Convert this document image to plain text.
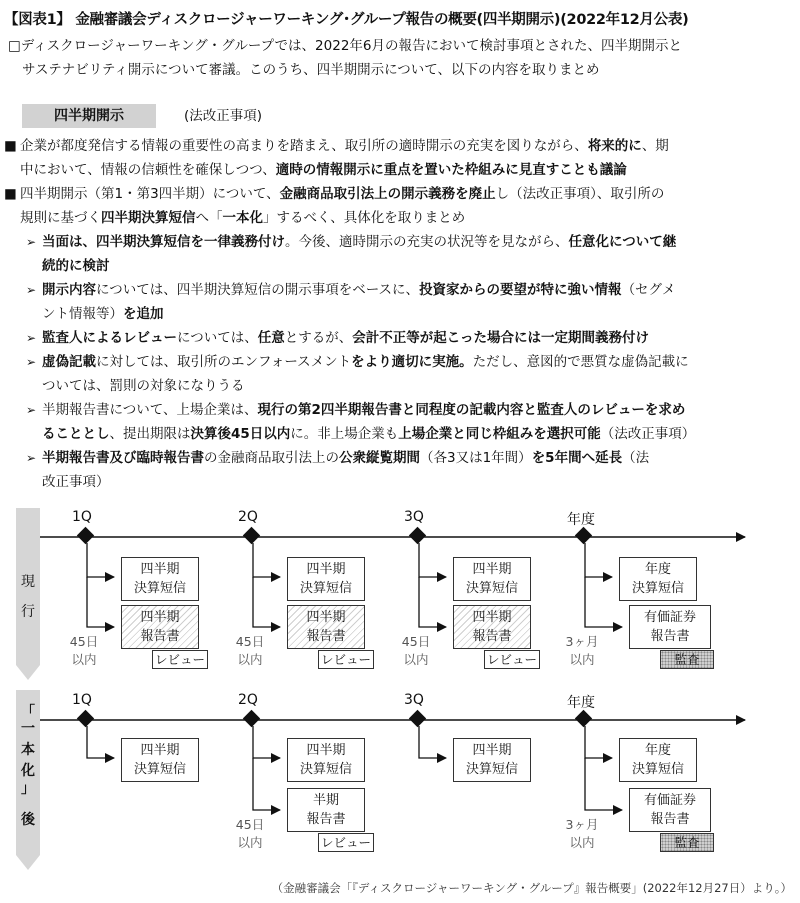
【図表1】 金融審議会ディスクロージャーワーキング･グループ報告の概要(四半期開示)(2022年12月公表)
□ディスクロージャーワーキング・グループでは、2022年6月の報告において検討事項とされた、四半期開示と
サステナビリティ開示について審議。このうち、四半期開示について、以下の内容を取りまとめ
四半期開示	(法改正事項)

■ 企業が都度発信する情報の重要性の高まりを踏まえ、取引所の適時開示の充実を図りながら、将来的に、期

中において、情報の信頼性を確保しつつ、適時の情報開示に重点を置いた枠組みに見直すことも議論

■ 四半期開示（第1・第3四半期）について、金融商品取引法上の開示義務を廃止し（法改正事項）、取引所の

規則に基づく四半期決算短信へ「一本化」するべく、具体化を取りまとめ

➢ 当面は、四半期決算短信を一律義務付け。今後、適時開示の充実の状況等を見ながら、任意化について継

続的に検討

➢ 開示内容については、四半期決算短信の開示事項をベースに、投資家からの要望が特に強い情報（セグメ

ント情報等）を追加

➢ 監査人によるレビューについては、任意とするが、会計不正等が起こった場合には一定期間義務付け

➢ 虚偽記載に対しては、取引所のエンフォースメントをより適切に実施。ただし、意図的で悪質な虚偽記載に

ついては、罰則の対象になりうる

➢ 半期報告書について、上場企業は、現行の第2四半期報告書と同程度の記載内容と監査人のレビューを求め

ることとし、提出期限は決算後45日以内に。非上場企業も上場企業と同じ枠組みを選択可能（法改正事項）

➢ 半期報告書及び臨時報告書の金融商品取引法上の公衆縦覧期間（各3又は1年間）を5年間へ延長（法

改正事項）

現
行
「
一
本
化
」
後
1Q	2Q	3Q	年度
四半期
決算短信
四半期
報告書
レビュー
45日
以内
四半期
決算短信
四半期
報告書
レビュー
45日
以内
四半期
決算短信
四半期
報告書
レビュー
45日
以内
年度
決算短信
有価証券
報告書
監査
3ヶ月
以内
1Q	2Q	3Q	年度
四半期
決算短信
四半期
決算短信
半期
報告書
レビュー
45日
以内
四半期
決算短信
年度
決算短信
有価証券
報告書
監査
3ヶ月
以内
（金融審議会「『ディスクロージャーワーキング・グループ』報告概要」(2022年12月27日）より。）
